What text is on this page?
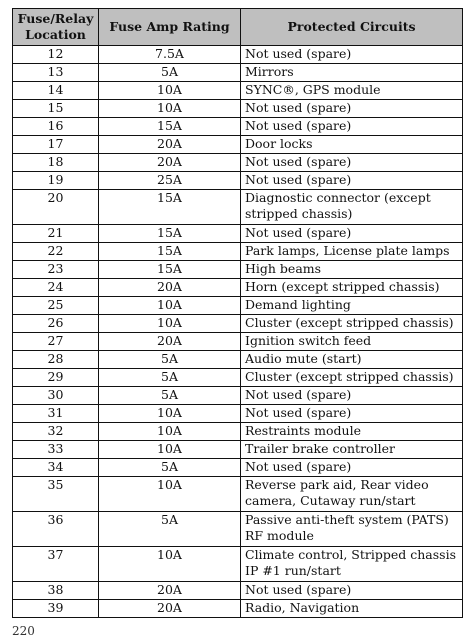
Fuse/Relay Location	Fuse Amp Rating	Protected Circuits
12	7.5A	Not used (spare)
13	5A	Mirrors
14	10A	SYNC®, GPS module
15	10A	Not used (spare)
16	15A	Not used (spare)
17	20A	Door locks
18	20A	Not used (spare)
19	25A	Not used (spare)
20	15A	Diagnostic connector (except stripped chassis)
21	15A	Not used (spare)
22	15A	Park lamps, License plate lamps
23	15A	High beams
24	20A	Horn (except stripped chassis)
25	10A	Demand lighting
26	10A	Cluster (except stripped chassis)
27	20A	Ignition switch feed
28	5A	Audio mute (start)
29	5A	Cluster (except stripped chassis)
30	5A	Not used (spare)
31	10A	Not used (spare)
32	10A	Restraints module
33	10A	Trailer brake controller
34	5A	Not used (spare)
35	10A	Reverse park aid, Rear video camera, Cutaway run/start
36	5A	Passive anti-theft system (PATS) RF module
37	10A	Climate control, Stripped chassis IP #1 run/start
38	20A	Not used (spare)
39	20A	Radio, Navigation
220
